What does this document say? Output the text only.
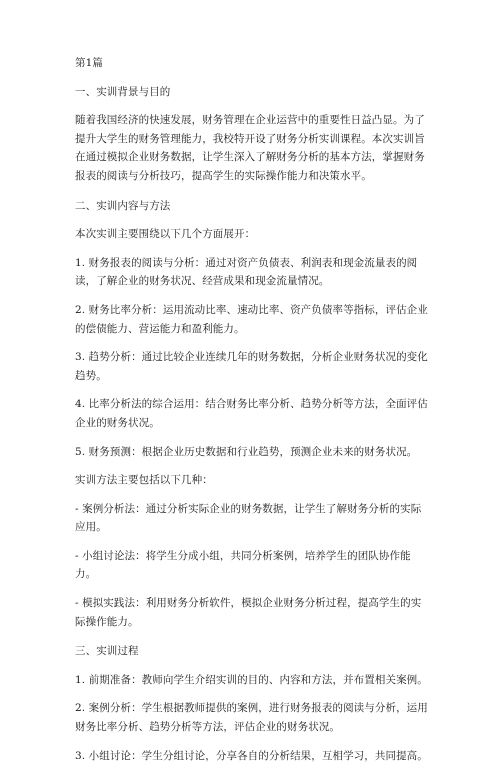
第1篇

一、实训背景与目的

随着我国经济的快速发展，财务管理在企业运营中的重要性日益凸显。为了提升大学生的财务管理能力，我校特开设了财务分析实训课程。本次实训旨在通过模拟企业财务数据，让学生深入了解财务分析的基本方法，掌握财务报表的阅读与分析技巧，提高学生的实际操作能力和决策水平。

二、实训内容与方法

本次实训主要围绕以下几个方面展开：

1. 财务报表的阅读与分析：通过对资产负债表、利润表和现金流量表的阅读，了解企业的财务状况、经营成果和现金流量情况。

2. 财务比率分析：运用流动比率、速动比率、资产负债率等指标，评估企业的偿债能力、营运能力和盈利能力。

3. 趋势分析：通过比较企业连续几年的财务数据，分析企业财务状况的变化趋势。

4. 比率分析法的综合运用：结合财务比率分析、趋势分析等方法，全面评估企业的财务状况。

5. 财务预测：根据企业历史数据和行业趋势，预测企业未来的财务状况。

实训方法主要包括以下几种：

- 案例分析法：通过分析实际企业的财务数据，让学生了解财务分析的实际应用。

- 小组讨论法：将学生分成小组，共同分析案例，培养学生的团队协作能力。

- 模拟实践法：利用财务分析软件，模拟企业财务分析过程，提高学生的实际操作能力。

三、实训过程

1. 前期准备：教师向学生介绍实训的目的、内容和方法，并布置相关案例。

2. 案例分析：学生根据教师提供的案例，进行财务报表的阅读与分析，运用财务比率分析、趋势分析等方法，评估企业的财务状况。

3. 小组讨论：学生分组讨论，分享各自的分析结果，互相学习，共同提高。
